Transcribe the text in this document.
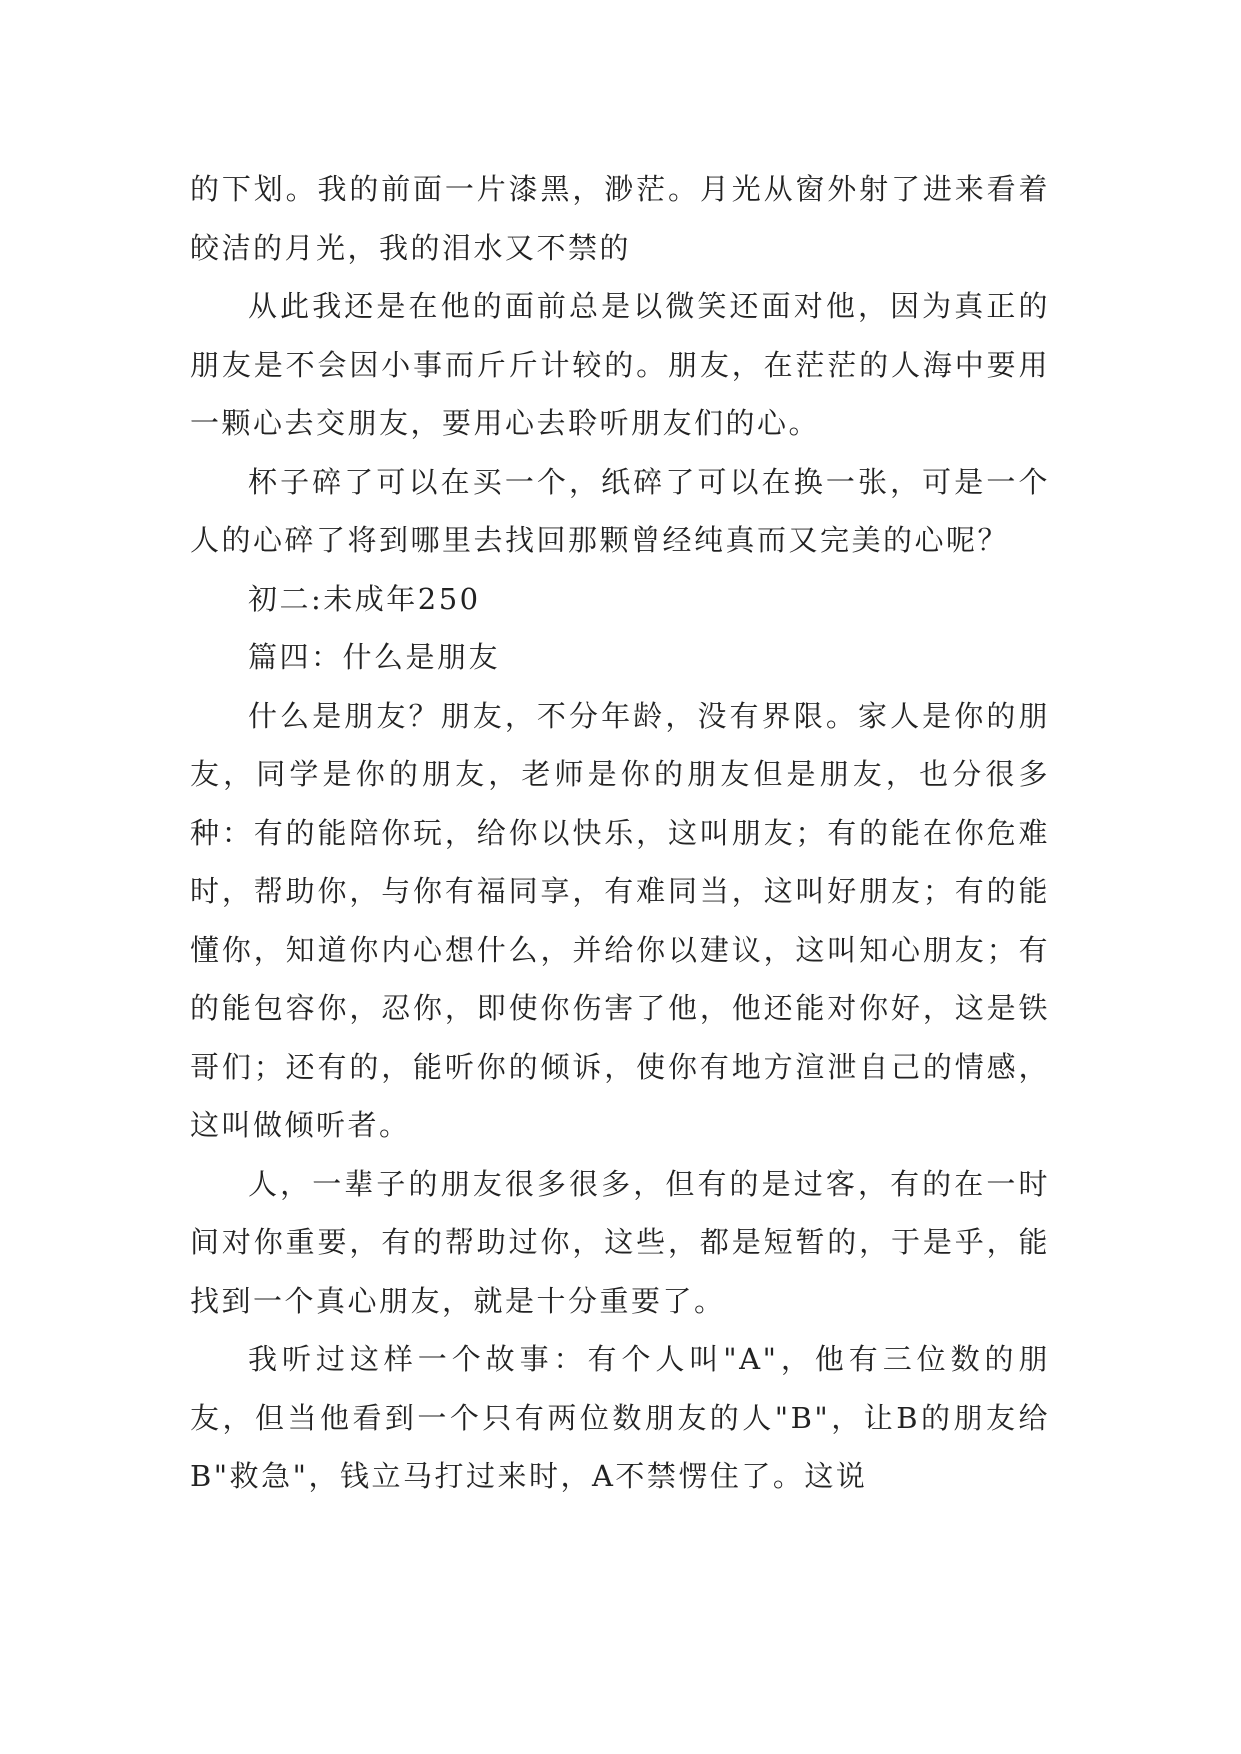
的下划。我的前面一片漆黑，渺茫。月光从窗外射了进来看着皎洁的月光，我的泪水又不禁的

从此我还是在他的面前总是以微笑还面对他，因为真正的朋友是不会因小事而斤斤计较的。朋友，在茫茫的人海中要用一颗心去交朋友，要用心去聆听朋友们的心。

杯子碎了可以在买一个，纸碎了可以在换一张，可是一个人的心碎了将到哪里去找回那颗曾经纯真而又完美的心呢？

初二:未成年250

篇四：什么是朋友

什么是朋友？朋友，不分年龄，没有界限。家人是你的朋友，同学是你的朋友，老师是你的朋友但是朋友，也分很多种：有的能陪你玩，给你以快乐，这叫朋友；有的能在你危难时，帮助你，与你有福同享，有难同当，这叫好朋友；有的能懂你，知道你内心想什么，并给你以建议，这叫知心朋友；有的能包容你，忍你，即使你伤害了他，他还能对你好，这是铁哥们；还有的，能听你的倾诉，使你有地方渲泄自己的情感，这叫做倾听者。

人，一辈子的朋友很多很多，但有的是过客，有的在一时间对你重要，有的帮助过你，这些，都是短暂的，于是乎，能找到一个真心朋友，就是十分重要了。

我听过这样一个故事：有个人叫"A"，他有三位数的朋友，但当他看到一个只有两位数朋友的人"B"，让B的朋友给B"救急"，钱立马打过来时，A不禁愣住了。这说
